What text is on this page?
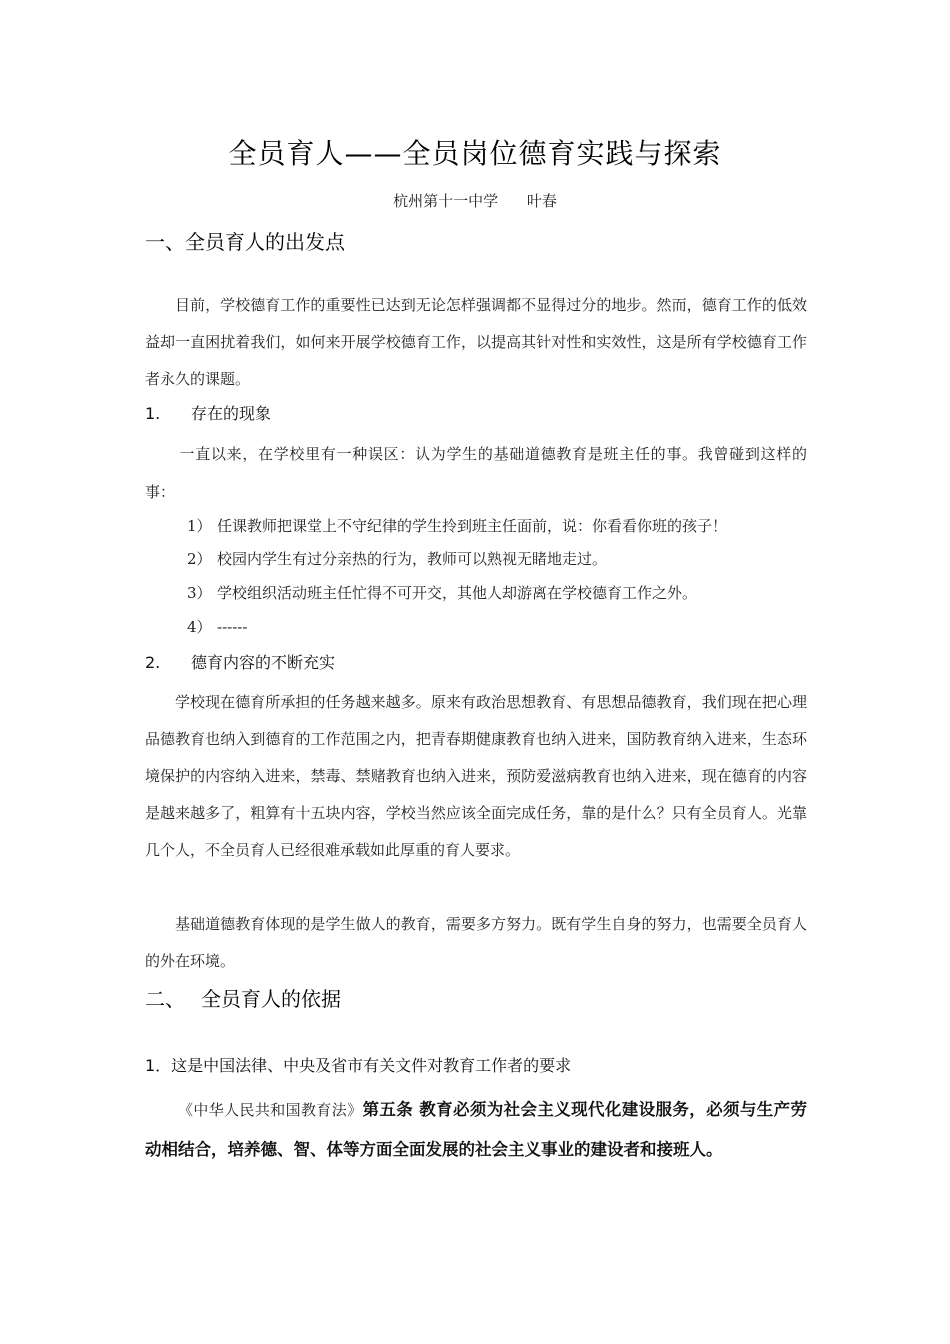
全员育人——全员岗位德育实践与探索
杭州第十一中学 叶春
一、全员育人的出发点
目前，学校德育工作的重要性已达到无论怎样强调都不显得过分的地步。然而，德育工作的低效益却一直困扰着我们，如何来开展学校德育工作，以提高其针对性和实效性，这是所有学校德育工作者永久的课题。
1. 存在的现象
一直以来，在学校里有一种误区：认为学生的基础道德教育是班主任的事。我曾碰到这样的事：
1） 任课教师把课堂上不守纪律的学生拎到班主任面前，说：你看看你班的孩子！
2） 校园内学生有过分亲热的行为，教师可以熟视无睹地走过。
3） 学校组织活动班主任忙得不可开交，其他人却游离在学校德育工作之外。
4） ------
2. 德育内容的不断充实
学校现在德育所承担的任务越来越多。原来有政治思想教育、有思想品德教育，我们现在把心理品德教育也纳入到德育的工作范围之内，把青春期健康教育也纳入进来，国防教育纳入进来，生态环境保护的内容纳入进来，禁毒、禁赌教育也纳入进来，预防爱滋病教育也纳入进来，现在德育的内容是越来越多了，粗算有十五块内容，学校当然应该全面完成任务，靠的是什么？只有全员育人。光靠几个人，不全员育人已经很难承载如此厚重的育人要求。
基础道德教育体现的是学生做人的教育，需要多方努力。既有学生自身的努力，也需要全员育人的外在环境。
二、 全员育人的依据
1．这是中国法律、中央及省市有关文件对教育工作者的要求
《中华人民共和国教育法》第五条 教育必须为社会主义现代化建设服务，必须与生产劳动相结合，培养德、智、体等方面全面发展的社会主义事业的建设者和接班人。
